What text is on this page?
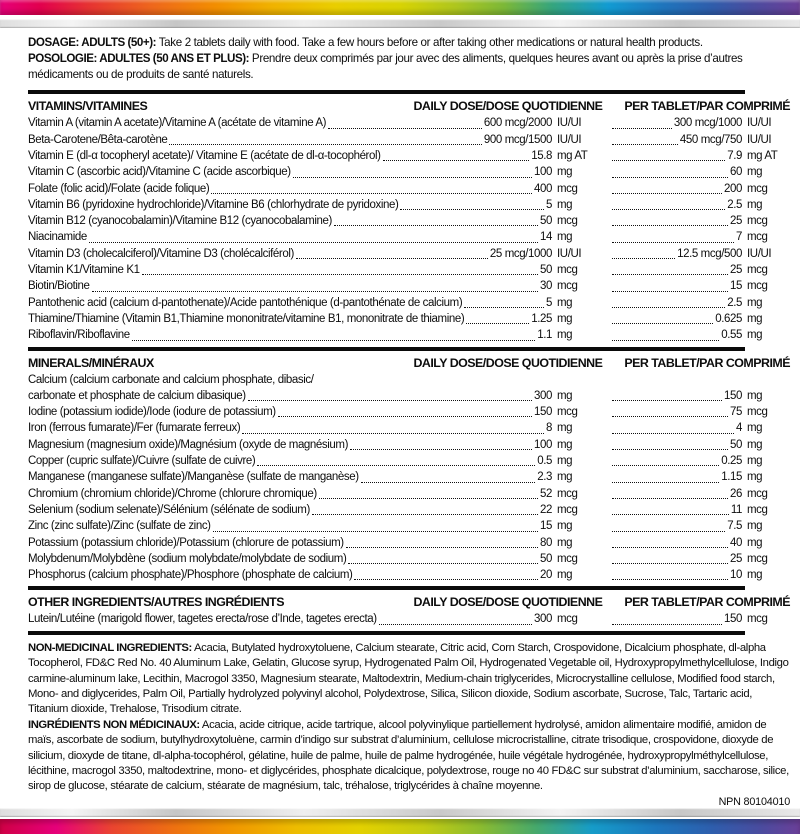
DOSAGE: ADULTS (50+): Take 2 tablets daily with food. Take a few hours before or after taking other medications or natural health products.
POSOLOGIE: ADULTES (50 ANS ET PLUS): Prendre deux comprimés par jour avec des aliments, quelques heures avant ou après la prise d’autres médicaments ou de produits de santé naturels.
VITAMINS/VITAMINES	DAILY DOSE/DOSE QUOTIDIENNE PER TABLET/PAR COMPRIMÉ
Vitamin A (vitamin A acetate)/Vitamine A (acétate de vitamine A)	600 mcg/2000 IU/UI	300 mcg/1000 IU/UI
Beta-Carotene/Bêta-carotène	900 mcg/1500 IU/UI	450 mcg/750 IU/UI
Vitamin E (dl-α tocopheryl acetate)/ Vitamine E (acétate de dl-α-tocophérol)	15.8 mg AT	7.9 mg AT
Vitamin C (ascorbic acid)/Vitamine C (acide ascorbique)	100 mg	60 mg
Folate (folic acid)/Folate (acide folique)	400 mcg	200 mcg
Vitamin B6 (pyridoxine hydrochloride)/Vitamine B6 (chlorhydrate de pyridoxine)	5 mg	2.5 mg
Vitamin B12 (cyanocobalamin)/Vitamine B12 (cyanocobalamine)	50 mcg	25 mcg
Niacinamide	14 mg	7 mcg
Vitamin D3 (cholecalciferol)/Vitamine D3 (cholécalciférol)	25 mcg/1000 IU/UI	12.5 mcg/500 IU/UI
Vitamin K1/Vitamine K1	50 mcg	25 mcg
Biotin/Biotine	30 mcg	15 mcg
Pantothenic acid (calcium d-pantothenate)/Acide pantothénique (d-pantothénate de calcium)	5 mg	2.5 mg
Thiamine/Thiamine (Vitamin B1,Thiamine mononitrate/vitamine B1, mononitrate de thiamine)	1.25 mg	0.625 mg
Riboflavin/Riboflavine	1.1 mg	0.55 mg
MINERALS/MINÉRAUX	DAILY DOSE/DOSE QUOTIDIENNE PER TABLET/PAR COMPRIMÉ
Calcium (calcium carbonate and calcium phosphate, dibasic/
carbonate et phosphate de calcium dibasique)	300 mg	150 mg
Iodine (potassium iodide)/Iode (iodure de potassium)	150 mcg	75 mcg
Iron (ferrous fumarate)/Fer (fumarate ferreux)	8 mg	4 mg
Magnesium (magnesium oxide)/Magnésium (oxyde de magnésium)	100 mg	50 mg
Copper (cupric sulfate)/Cuivre (sulfate de cuivre)	0.5 mg	0.25 mg
Manganese (manganese sulfate)/Manganèse (sulfate de manganèse)	2.3 mg	1.15 mg
Chromium (chromium chloride)/Chrome (chlorure chromique)	52 mcg	26 mcg
Selenium (sodium selenate)/Sélénium (sélénate de sodium)	22 mcg	11 mcg
Zinc (zinc sulfate)/Zinc (sulfate de zinc)	15 mg	7.5 mg
Potassium (potassium chloride)/Potassium (chlorure de potassium)	80 mg	40 mg
Molybdenum/Molybdène (sodium molybdate/molybdate de sodium)	50 mcg	25 mcg
Phosphorus (calcium phosphate)/Phosphore (phosphate de calcium)	20 mg	10 mg
OTHER INGREDIENTS/AUTRES INGRÉDIENTS	DAILY DOSE/DOSE QUOTIDIENNE PER TABLET/PAR COMPRIMÉ
Lutein/Lutéine (marigold flower, tagetes erecta/rose d’Inde, tagetes erecta)	300 mcg	150 mcg
NON-MEDICINAL INGREDIENTS: Acacia, Butylated hydroxytoluene, Calcium stearate, Citric acid, Corn Starch, Crospovidone, Dicalcium phosphate, dl-alpha Tocopherol, FD&C Red No. 40 Aluminum Lake, Gelatin, Glucose syrup, Hydrogenated Palm Oil, Hydrogenated Vegetable oil, Hydroxypropylmethylcellulose, Indigo carmine-aluminum lake, Lecithin, Macrogol 3350, Magnesium stearate, Maltodextrin, Medium-chain triglycerides, Microcrystalline cellulose, Modified food starch, Mono- and diglycerides, Palm Oil, Partially hydrolyzed polyvinyl alcohol, Polydextrose, Silica, Silicon dioxide, Sodium ascorbate, Sucrose, Talc, Tartaric acid, Titanium dioxide, Trehalose, Trisodium citrate.
INGRÉDIENTS NON MÉDICINAUX: Acacia, acide citrique, acide tartrique, alcool polyvinylique partiellement hydrolysé, amidon alimentaire modifié, amidon de maïs, ascorbate de sodium, butylhydroxytoluène, carmin d’indigo sur substrat d’aluminium, cellulose microcristalline, citrate trisodique, crospovidone, dioxyde de silicium, dioxyde de titane, dl-alpha-tocophérol, gélatine, huile de palme, huile de palme hydrogénée, huile végétale hydrogénée, hydroxypropylméthylcellulose, lécithine, macrogol 3350, maltodextrine, mono- et diglycérides, phosphate dicalcique, polydextrose, rouge no 40 FD&C sur substrat d’aluminium, saccharose, silice, sirop de glucose, stéarate de calcium, stéarate de magnésium, talc, tréhalose, triglycérides à chaîne moyenne.
NPN 80104010
